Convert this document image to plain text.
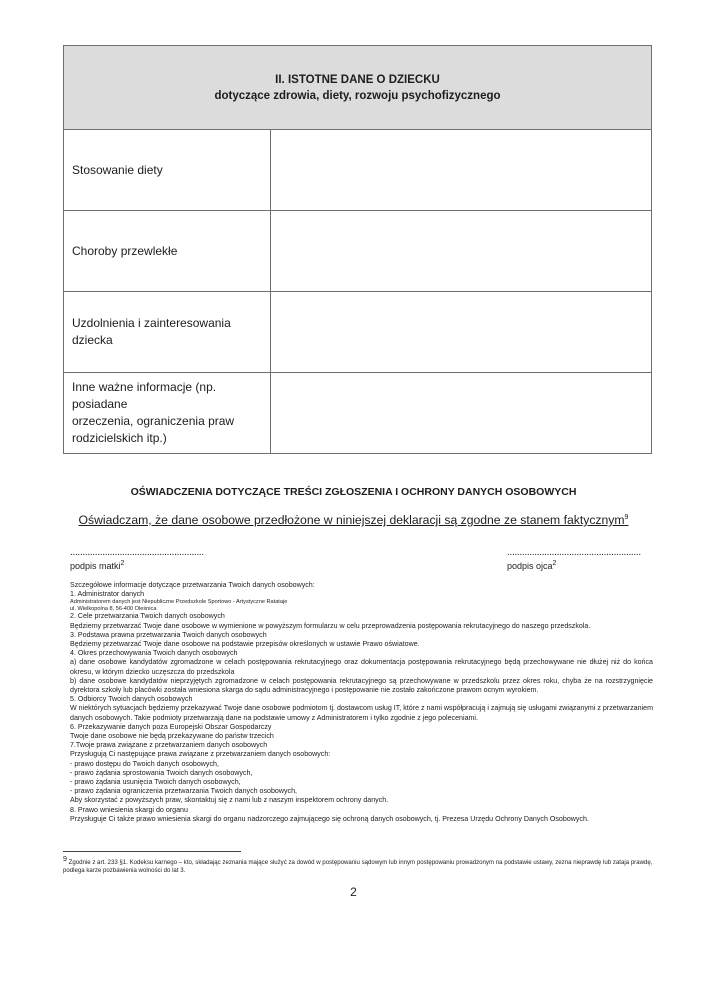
II. ISTOTNE DANE O DZIECKU
dotyczące zdrowia, diety, rozwoju psychofizycznego
Stosowanie diety
Choroby przewlekłe
Uzdolnienia i zainteresowania dziecka
Inne ważne informacje (np. posiadane
orzeczenia, ograniczenia praw
rodzicielskich itp.)
OŚWIADCZENIA DOTYCZĄCE TREŚCI ZGŁOSZENIA I OCHRONY DANYCH OSOBOWYCH
Oświadczam, że dane osobowe przedłożone w niniejszej deklaracji są zgodne ze stanem faktycznym$^9$
......................................................
podpis matki$^2$
......................................................
podpis ojca$^2$
Szczegółowe informacje dotyczące przetwarzania Twoich danych osobowych:
1. Administrator danych
Administratorem danych jest Niepubliczne Przedszkole Sportowo - Artystyczne Ratataje
ul. Wielkopolna 8, 56-400 Oleśnica
2. Cele przetwarzania Twoich danych osobowych
Będziemy przetwarzać Twoje dane osobowe w wymienione w powyższym formularzu w celu przeprowadzenia postępowania rekrutacyjnego do naszego przedszkola.
3. Podstawa prawna przetwarzania Twoich danych osobowych
Będziemy przetwarzać Twoje dane osobowe na podstawie przepisów określonych w ustawie Prawo oświatowe.
4. Okres przechowywania Twoich danych osobowych
a) dane osobowe kandydatów zgromadzone w celach postępowania rekrutacyjnego oraz dokumentacja postępowania rekrutacyjnego będą przechowywane nie dłużej niż do końca okresu, w którym dziecko uczęszcza do przedszkola
b) dane osobowe kandydatów nieprzyjętych zgromadzone w celach postępowania rekrutacyjnego są przechowywane w przedszkolu przez okres roku, chyba że na rozstrzygnięcie dyrektora szkoły lub placówki została wniesiona skarga do sądu administracyjnego i postępowanie nie zostało zakończone prawom ocnym wyrokiem.
5. Odbiorcy Twoich danych osobowych
W niektórych sytuacjach będziemy przekazywać Twoje dane osobowe podmiotom tj. dostawcom usług IT, które z nami współpracują i zajmują się usługami związanymi z przetwarzaniem danych osobowych. Takie podmioty przetwarzają dane na podstawie umowy z Administratorem i tylko zgodnie z jego poleceniami.
6. Przekazywanie danych poza Europejski Obszar Gospodarczy
Twoje dane osobowe nie będą przekazywane do państw trzecich
7.Twoje prawa związane z przetwarzaniem danych osobowych
Przysługują Ci następujące prawa związane z przetwarzaniem danych osobowych:
- prawo dostępu do Twoich danych osobowych,
- prawo żądania sprostowania Twoich danych osobowych,
- prawo żądania usunięcia Twoich danych osobowych,
- prawo żądania ograniczenia przetwarzania Twoich danych osobowych,
Aby skorzystać z powyższych praw, skontaktuj się z nami lub z naszym inspektorem ochrony danych.
8. Prawo wniesienia skargi do organu
Przysługuje Ci także prawo wniesienia skargi do organu nadzorczego zajmującego się ochroną danych osobowych, tj. Prezesa Urzędu Ochrony Danych Osobowych.
$^9$ Zgodnie z art. 233 §1. Kodeksu karnego – kto, składając zeznania mające służyć za dowód w postępowaniu sądowym lub innym postępowaniu prowadzonym na podstawie ustawy, zezna nieprawdę lub zataja prawdę, podlega karze pozbawienia wolności do lat 3.
2
